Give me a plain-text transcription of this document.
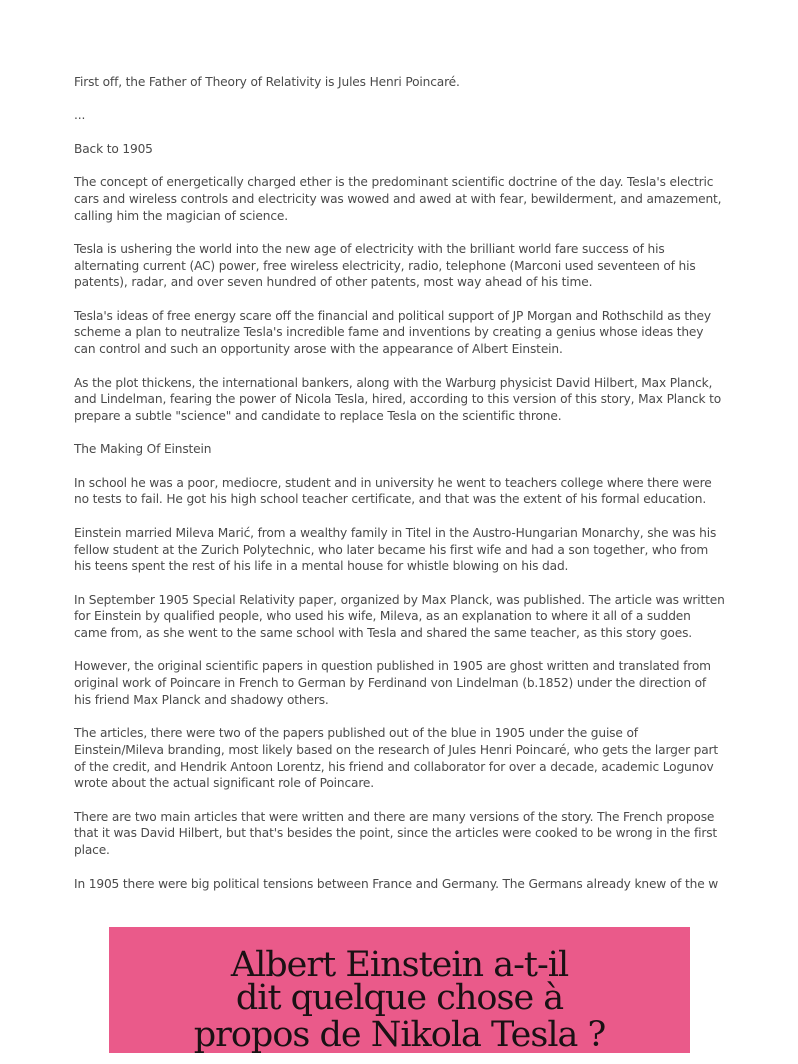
First off, the Father of Theory of Relativity is Jules Henri Poincaré.

...

Back to 1905

The concept of energetically charged ether is the predominant scientific doctrine of the day. Tesla's electric cars and wireless controls and electricity was wowed and awed at with fear, bewilderment, and amazement, calling him the magician of science.

Tesla is ushering the world into the new age of electricity with the brilliant world fare success of his alternating current (AC) power, free wireless electricity, radio, telephone (Marconi used seventeen of his patents), radar, and over seven hundred of other patents, most way ahead of his time.

Tesla's ideas of free energy scare off the financial and political support of JP Morgan and Rothschild as they scheme a plan to neutralize Tesla's incredible fame and inventions by creating a genius whose ideas they can control and such an opportunity arose with the appearance of Albert Einstein.

As the plot thickens, the international bankers, along with the Warburg physicist David Hilbert, Max Planck, and Lindelman, fearing the power of Nicola Tesla, hired, according to this version of this story, Max Planck to prepare a subtle "science" and candidate to replace Tesla on the scientific throne.

The Making Of Einstein

In school he was a poor, mediocre, student and in university he went to teachers college where there were no tests to fail. He got his high school teacher certificate, and that was the extent of his formal education.

Einstein married Mileva Marić, from a wealthy family in Titel in the Austro-Hungarian Monarchy, she was his fellow student at the Zurich Polytechnic, who later became his first wife and had a son together, who from his teens spent the rest of his life in a mental house for whistle blowing on his dad.

In September 1905 Special Relativity paper, organized by Max Planck, was published. The article was written for Einstein by qualified people, who used his wife, Mileva, as an explanation to where it all of a sudden came from, as she went to the same school with Tesla and shared the same teacher, as this story goes.

However, the original scientific papers in question published in 1905 are ghost written and translated from original work of Poincare in French to German by Ferdinand von Lindelman (b.1852) under the direction of his friend Max Planck and shadowy others.

The articles, there were two of the papers published out of the blue in 1905 under the guise of Einstein/Mileva branding, most likely based on the research of Jules Henri Poincaré, who gets the larger part of the credit, and Hendrik Antoon Lorentz, his friend and collaborator for over a decade, academic Logunov wrote about the actual significant role of Poincare.

There are two main articles that were written and there are many versions of the story. The French propose that it was David Hilbert, but that's besides the point, since the articles were cooked to be wrong in the first place.

In 1905 there were big political tensions between France and Germany. The Germans already knew of the w

Albert Einstein a-t-il
dit quelque chose à
propos de Nikola Tesla ?
